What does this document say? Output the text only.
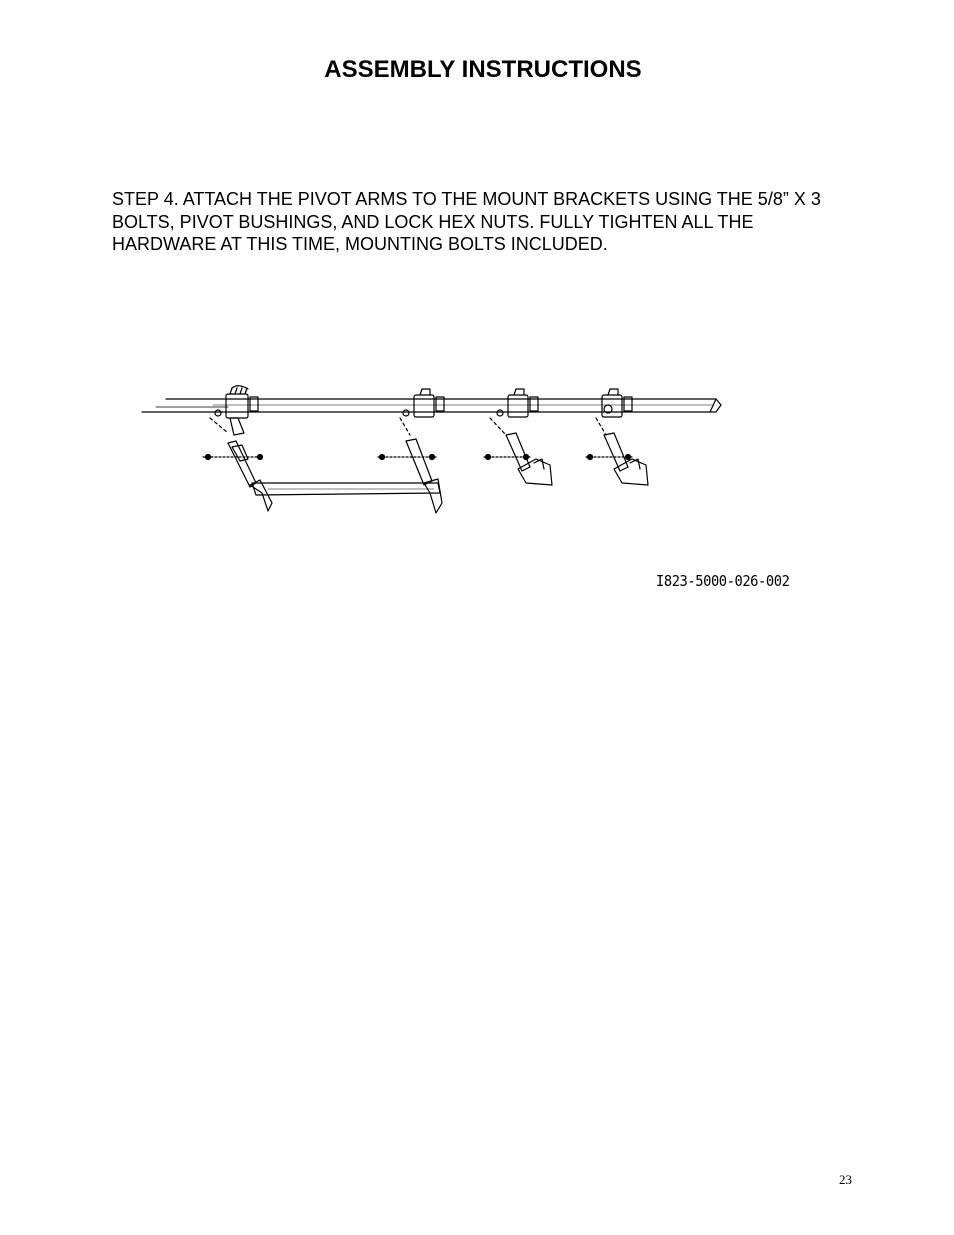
ASSEMBLY INSTRUCTIONS

STEP 4. ATTACH THE PIVOT ARMS TO THE MOUNT BRACKETS USING THE 5/8” X 3 BOLTS, PIVOT BUSHINGS, AND LOCK HEX NUTS. FULLY TIGHTEN ALL THE HARDWARE AT THIS TIME, MOUNTING BOLTS INCLUDED.

I823-5000-026-002
23
